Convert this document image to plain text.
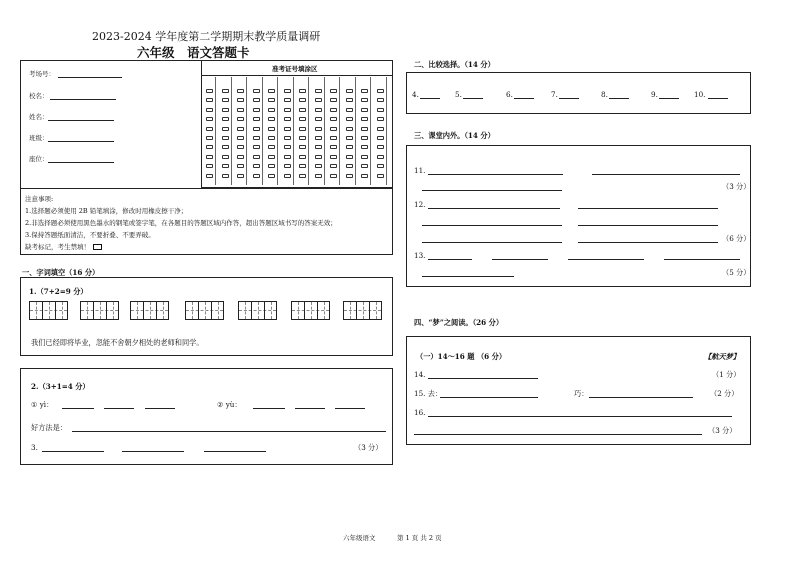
2023-2024 学年度第二学期期末教学质量调研
六年级　语文答题卡
考场号：
校名：
姓名：
班级：
座位：
准考证号填涂区
注意事项:
1.选择题必须使用 2B 铅笔填涂，修改时用橡皮擦干净；
2.非选择题必须使用黑色墨水的钢笔或签字笔，在各题目的答题区域内作答，超出答题区域书写的答案无效；
3.保持答题纸面清洁，不要折叠、不要弄破。
缺考标记，考生禁填！
一、字词填空（16 分）
1.（7+2=9 分）
我们已经即将毕业，忽能不舍朝夕相处的老师和同学。
2.（3+1=4 分）
① yì：	② yù：
好方法是：
3.	（3 分）
二、比较选择。（14 分）
4.	5.	6.	7.	8.	9.	10.
三、课堂内外。（14 分）
11.
（3 分）
12.
（6 分）
13.
（5 分）
四、“梦”之阅读。（26 分）
（一）14～16 题 （6 分）	【航天梦】
14.	（1 分）
15. 去：	巧：	（2 分）
16.
（3 分）
六年级语文	第 1 页 共 2 页
